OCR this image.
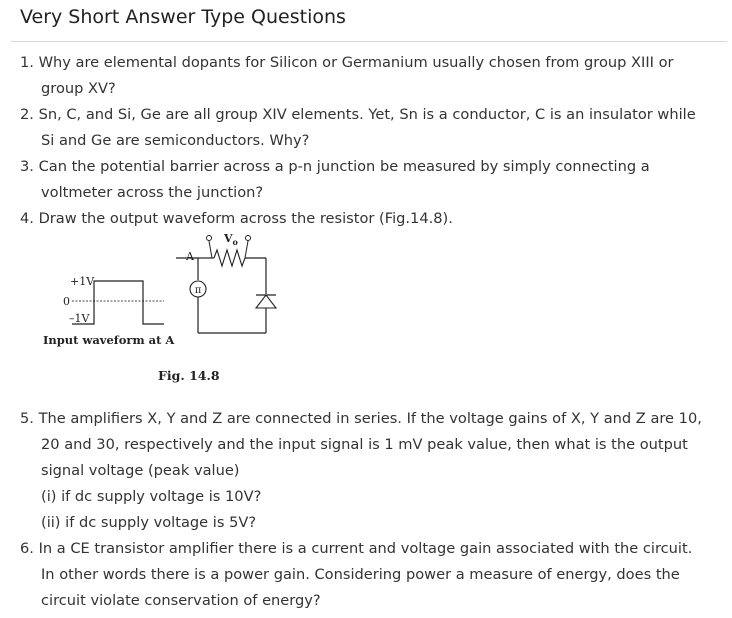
Very Short Answer Type Questions
1. Why are elemental dopants for Silicon or Germanium usually chosen from group XIII or
group XV?
2. Sn, C, and Si, Ge are all group XIV elements. Yet, Sn is a conductor, C is an insulator while
Si and Ge are semiconductors. Why?
3. Can the potential barrier across a p-n junction be measured by simply connecting a
voltmeter across the junction?
4. Draw the output waveform across the resistor (Fig.14.8).
+1V
0
–1V
Input waveform at A
A
π
$V_o$
Fig. 14.8
5. The amplifiers X, Y and Z are connected in series. If the voltage gains of X, Y and Z are 10,
20 and 30, respectively and the input signal is 1 mV peak value, then what is the output
signal voltage (peak value)
(i) if dc supply voltage is 10V?
(ii) if dc supply voltage is 5V?
6. In a CE transistor amplifier there is a current and voltage gain associated with the circuit.
In other words there is a power gain. Considering power a measure of energy, does the
circuit violate conservation of energy?
